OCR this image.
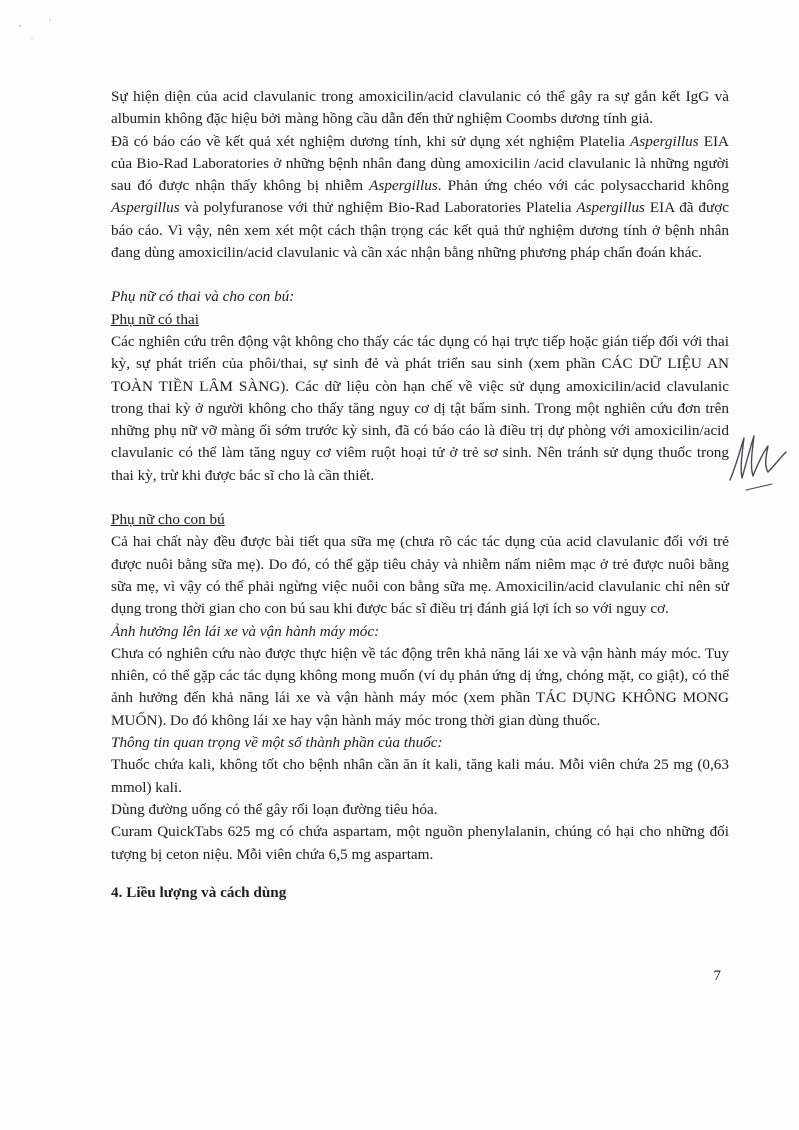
Sự hiện diện của acid clavulanic trong amoxicilin/acid clavulanic có thể gây ra sự gắn kết IgG và albumin không đặc hiệu bởi màng hồng cầu dẫn đến thử nghiệm Coombs dương tính giả.

Đã có báo cáo về kết quả xét nghiệm dương tính, khi sử dụng xét nghiệm Platelia Aspergillus EIA của Bio-Rad Laboratories ở những bệnh nhân đang dùng amoxicilin /acid clavulanic là những người sau đó được nhận thấy không bị nhiễm Aspergillus. Phản ứng chéo với các polysaccharid không Aspergillus và polyfuranose với thử nghiệm Bio-Rad Laboratories Platelia Aspergillus EIA đã được báo cáo. Vì vậy, nên xem xét một cách thận trọng các kết quả thử nghiệm dương tính ở bệnh nhân đang dùng amoxicilin/acid clavulanic và cần xác nhận bằng những phương pháp chẩn đoán khác.

Phụ nữ có thai và cho con bú:

Phụ nữ có thai

Các nghiên cứu trên động vật không cho thấy các tác dụng có hại trực tiếp hoặc gián tiếp đối với thai kỳ, sự phát triển của phôi/thai, sự sinh đẻ và phát triển sau sinh (xem phần CÁC DỮ LIỆU AN TOÀN TIỀN LÂM SÀNG). Các dữ liệu còn hạn chế về việc sử dụng amoxicilin/acid clavulanic trong thai kỳ ở người không cho thấy tăng nguy cơ dị tật bẩm sinh. Trong một nghiên cứu đơn trên những phụ nữ vỡ màng ối sớm trước kỳ sinh, đã có báo cáo là điều trị dự phòng với amoxicilin/acid clavulanic có thể làm tăng nguy cơ viêm ruột hoại tử ở trẻ sơ sinh. Nên tránh sử dụng thuốc trong thai kỳ, trừ khi được bác sĩ cho là cần thiết.

Phụ nữ cho con bú

Cả hai chất này đều được bài tiết qua sữa mẹ (chưa rõ các tác dụng của acid clavulanic đối với trẻ được nuôi bằng sữa mẹ). Do đó, có thể gặp tiêu chảy và nhiễm nấm niêm mạc ở trẻ được nuôi bằng sữa mẹ, vì vậy có thể phải ngừng việc nuôi con bằng sữa mẹ. Amoxicilin/acid clavulanic chỉ nên sử dụng trong thời gian cho con bú sau khi được bác sĩ điều trị đánh giá lợi ích so với nguy cơ.

Ảnh hưởng lên lái xe và vận hành máy móc:

Chưa có nghiên cứu nào được thực hiện về tác động trên khả năng lái xe và vận hành máy móc. Tuy nhiên, có thể gặp các tác dụng không mong muốn (ví dụ phản ứng dị ứng, chóng mặt, co giật), có thể ảnh hưởng đến khả năng lái xe và vận hành máy móc (xem phần TÁC DỤNG KHÔNG MONG MUỐN). Do đó không lái xe hay vận hành máy móc trong thời gian dùng thuốc.

Thông tin quan trọng về một số thành phần của thuốc:

Thuốc chứa kali, không tốt cho bệnh nhân cần ăn ít kali, tăng kali máu. Mỗi viên chứa 25 mg (0,63 mmol) kali.

Dùng đường uống có thể gây rối loạn đường tiêu hóa.

Curam QuickTabs 625 mg có chứa aspartam, một nguồn phenylalanin, chúng có hại cho những đối tượng bị ceton niệu. Mỗi viên chứa 6,5 mg aspartam.

4. Liều lượng và cách dùng

7
